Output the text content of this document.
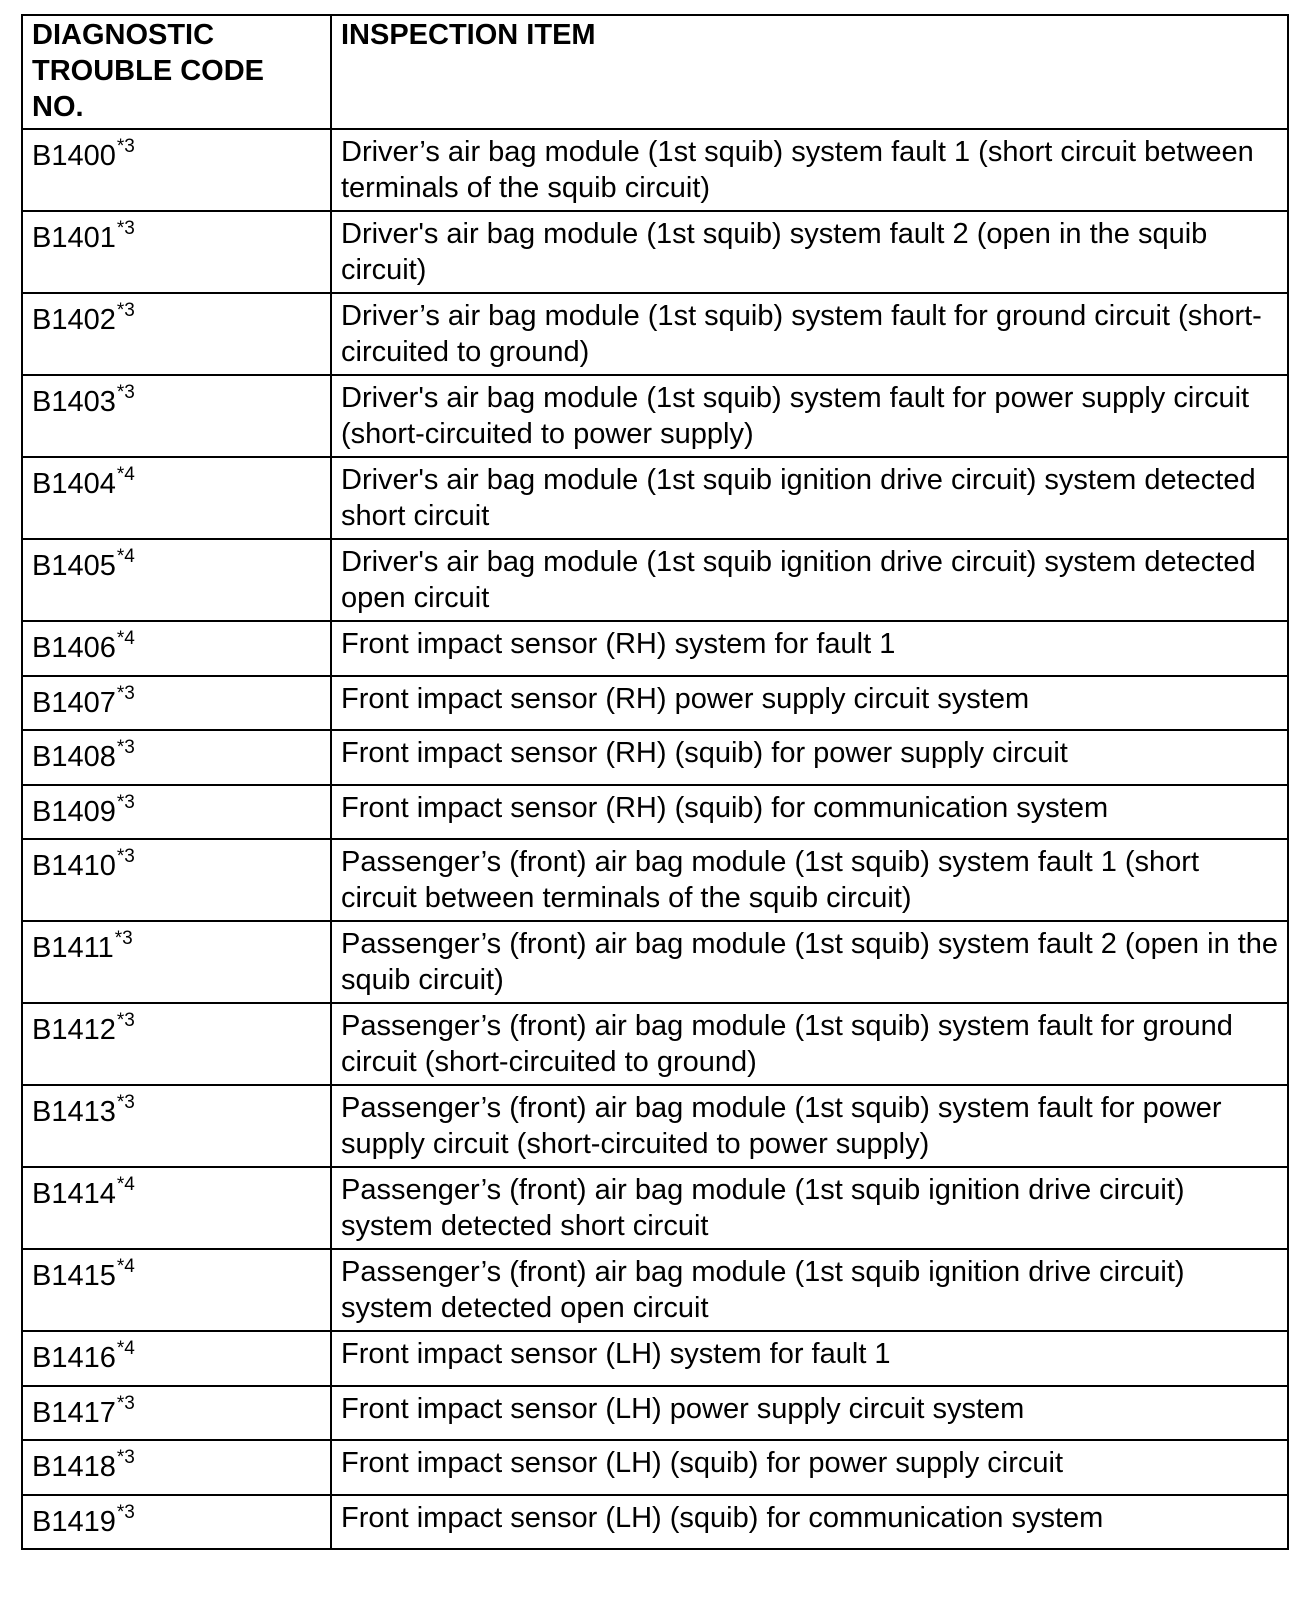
DIAGNOSTIC TROUBLE CODE NO.	INSPECTION ITEM
B1400$^{*3}$	Driver’s air bag module (1st squib) system fault 1 (short circuit between terminals of the squib circuit)
B1401$^{*3}$	Driver's air bag module (1st squib) system fault 2 (open in the squib circuit)
B1402$^{*3}$	Driver’s air bag module (1st squib) system fault for ground circuit (short-circuited to ground)
B1403$^{*3}$	Driver's air bag module (1st squib) system fault for power supply circuit (short-circuited to power supply)
B1404$^{*4}$	Driver's air bag module (1st squib ignition drive circuit) system detected short circuit
B1405$^{*4}$	Driver's air bag module (1st squib ignition drive circuit) system detected open circuit
B1406$^{*4}$	Front impact sensor (RH) system for fault 1
B1407$^{*3}$	Front impact sensor (RH) power supply circuit system
B1408$^{*3}$	Front impact sensor (RH) (squib) for power supply circuit
B1409$^{*3}$	Front impact sensor (RH) (squib) for communication system
B1410$^{*3}$	Passenger’s (front) air bag module (1st squib) system fault 1 (short circuit between terminals of the squib circuit)
B1411$^{*3}$	Passenger’s (front) air bag module (1st squib) system fault 2 (open in the squib circuit)
B1412$^{*3}$	Passenger’s (front) air bag module (1st squib) system fault for ground circuit (short-circuited to ground)
B1413$^{*3}$	Passenger’s (front) air bag module (1st squib) system fault for power supply circuit (short-circuited to power supply)
B1414$^{*4}$	Passenger’s (front) air bag module (1st squib ignition drive circuit) system detected short circuit
B1415$^{*4}$	Passenger’s (front) air bag module (1st squib ignition drive circuit) system detected open circuit
B1416$^{*4}$	Front impact sensor (LH) system for fault 1
B1417$^{*3}$	Front impact sensor (LH) power supply circuit system
B1418$^{*3}$	Front impact sensor (LH) (squib) for power supply circuit
B1419$^{*3}$	Front impact sensor (LH) (squib) for communication system
